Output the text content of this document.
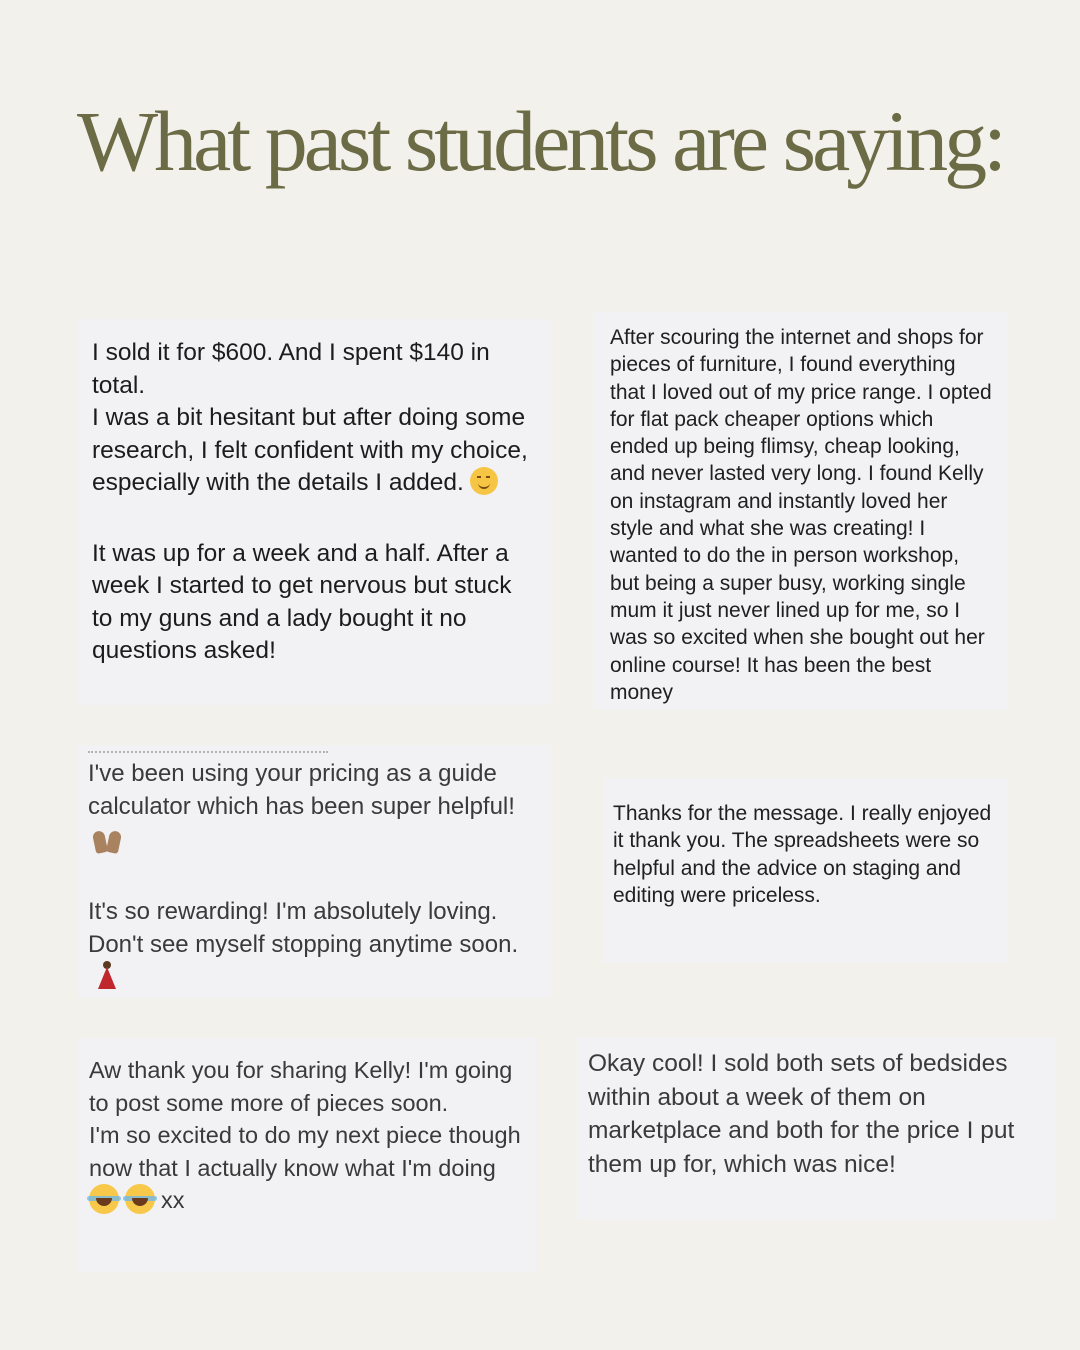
What past students are saying:

I sold it for $600. And I spent $140 in total.

I was a bit hesitant but after doing some research, I felt confident with my choice, especially with the details I added.

It was up for a week and a half. After a week I started to get nervous but stuck to my guns and a lady bought it no questions asked!

After scouring the internet and shops for pieces of furniture, I found everything that I loved out of my price range. I opted for flat pack cheaper options which ended up being flimsy, cheap looking, and never lasted very long. I found Kelly on instagram and instantly loved her style and what she was creating! I wanted to do the in person workshop, but being a super busy, working single mum it just never lined up for me, so I was so excited when she bought out her online course! It has been the best money

I've been using your pricing as a guide calculator which has been super helpful!

It's so rewarding! I'm absolutely loving. Don't see myself stopping anytime soon.

Thanks for the message. I really enjoyed it thank you. The spreadsheets were so helpful and the advice on staging and editing were priceless.

Aw thank you for sharing Kelly! I'm going to post some more of pieces soon.

I'm so excited to do my next piece though now that I actually know what I'm doingxx

Okay cool! I sold both sets of bedsides within about a week of them on marketplace and both for the price I put them up for, which was nice!
